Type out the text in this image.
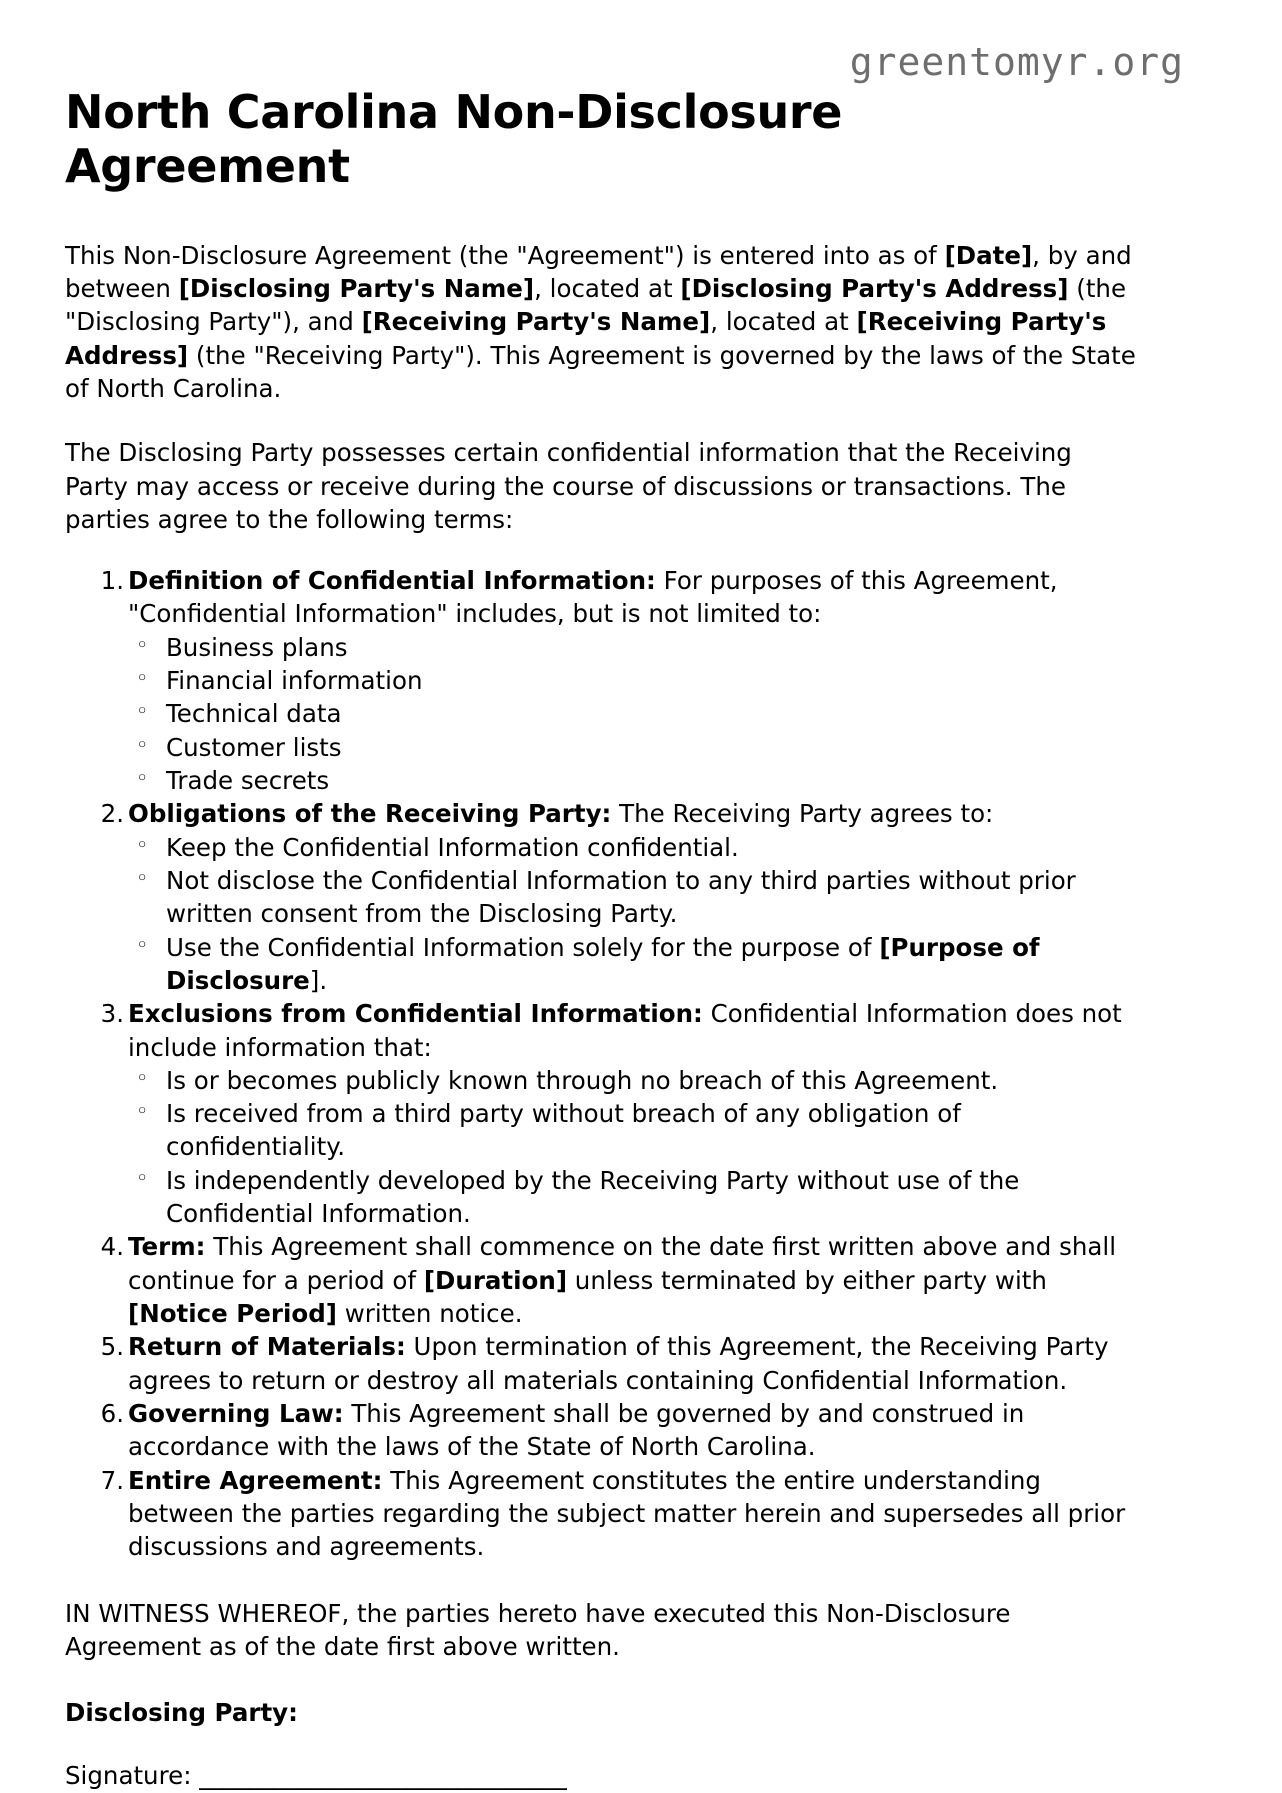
greentomyr.org
North Carolina Non-Disclosure Agreement

This Non-Disclosure Agreement (the "Agreement") is entered into as of [Date], by and between [Disclosing Party's Name], located at [Disclosing Party's Address] (the "Disclosing Party"), and [Receiving Party's Name], located at [Receiving Party's Address] (the "Receiving Party"). This Agreement is governed by the laws of the State of North Carolina.

The Disclosing Party possesses certain confidential information that the Receiving Party may access or receive during the course of discussions or transactions. The parties agree to the following terms:

Definition of Confidential Information: For purposes of this Agreement, "Confidential Information" includes, but is not limited to:
◦ Business plans
◦ Financial information
◦ Technical data
◦ Customer lists
◦ Trade secrets
Obligations of the Receiving Party: The Receiving Party agrees to:
◦ Keep the Confidential Information confidential.
◦ Not disclose the Confidential Information to any third parties without prior written consent from the Disclosing Party.
◦ Use the Confidential Information solely for the purpose of [Purpose of Disclosure].
Exclusions from Confidential Information: Confidential Information does not include information that:
◦ Is or becomes publicly known through no breach of this Agreement.
◦ Is received from a third party without breach of any obligation of confidentiality.
◦ Is independently developed by the Receiving Party without use of the Confidential Information.
Term: This Agreement shall commence on the date first written above and shall continue for a period of [Duration] unless terminated by either party with [Notice Period] written notice.
Return of Materials: Upon termination of this Agreement, the Receiving Party agrees to return or destroy all materials containing Confidential Information.
Governing Law: This Agreement shall be governed by and construed in accordance with the laws of the State of North Carolina.
Entire Agreement: This Agreement constitutes the entire understanding between the parties regarding the subject matter herein and supersedes all prior discussions and agreements.

IN WITNESS WHEREOF, the parties hereto have executed this Non-Disclosure Agreement as of the date first above written.

Disclosing Party:

Signature: ______________________________
